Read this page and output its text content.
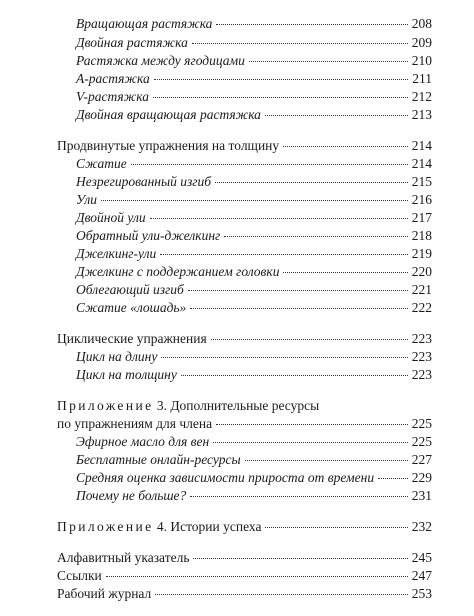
Вращающая растяжка	208
Двойная растяжка	209
Растяжка между ягодицами	210
А-растяжка	211
V-растяжка	212
Двойная вращающая растяжка	213
Продвинутые упражнения на толщину	214
Сжатие	214
Незрегированный изгиб	215
Ули	216
Двойной ули	217
Обратный ули-джелкинг	218
Джелкинг-ули	219
Джелкинг с поддержанием головки	220
Облегающий изгиб	221
Сжатие «лошадь»	222
Циклические упражнения	223
Цикл на длину	223
Цикл на толщину	223
Приложение 3. Дополнительные ресурсы
по упражнениям для члена	225
Эфирное масло для вен	225
Бесплатные онлайн-ресурсы	227
Средняя оценка зависимости прироста от времени	229
Почему не больше?	231
Приложение 4. Истории успеха	232
Алфавитный указатель	245
Ссылки	247
Рабочий журнал	253
